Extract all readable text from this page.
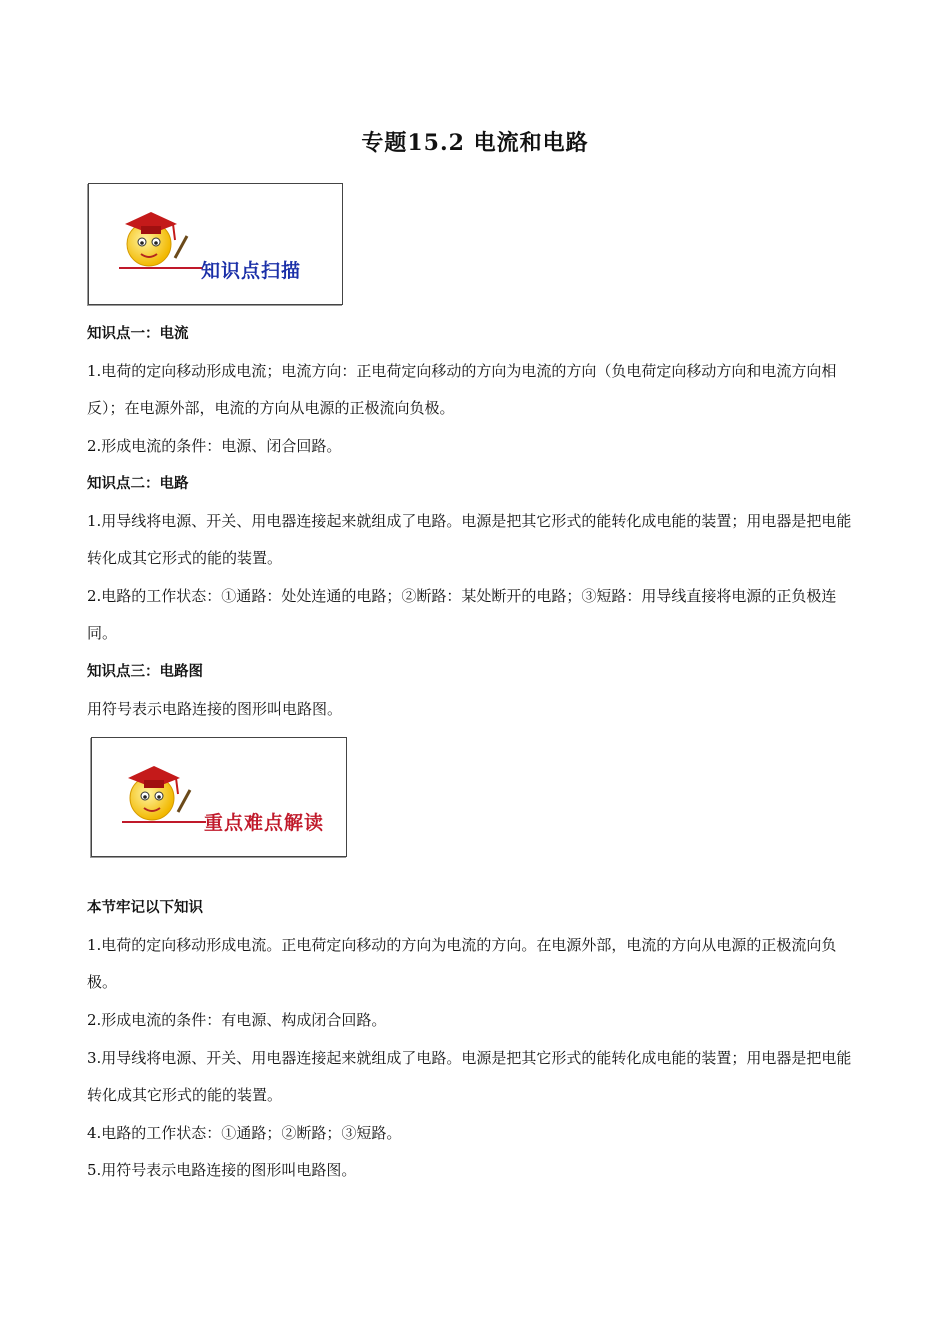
专题15.2 电流和电路
知识点扫描

知识点一：电流

1.电荷的定向移动形成电流；电流方向：正电荷定向移动的方向为电流的方向（负电荷定向移动方向和电流方向相反）；在电源外部，电流的方向从电源的正极流向负极。

2.形成电流的条件：电源、闭合回路。

知识点二：电路

1.用导线将电源、开关、用电器连接起来就组成了电路。电源是把其它形式的能转化成电能的装置；用电器是把电能转化成其它形式的能的装置。

2.电路的工作状态：①通路：处处连通的电路；②断路：某处断开的电路；③短路：用导线直接将电源的正负极连同。

知识点三：电路图

用符号表示电路连接的图形叫电路图。

重点难点解读

本节牢记以下知识

1.电荷的定向移动形成电流。正电荷定向移动的方向为电流的方向。在电源外部，电流的方向从电源的正极流向负极。

2.形成电流的条件：有电源、构成闭合回路。

3.用导线将电源、开关、用电器连接起来就组成了电路。电源是把其它形式的能转化成电能的装置；用电器是把电能转化成其它形式的能的装置。

4.电路的工作状态：①通路；②断路；③短路。

5.用符号表示电路连接的图形叫电路图。
